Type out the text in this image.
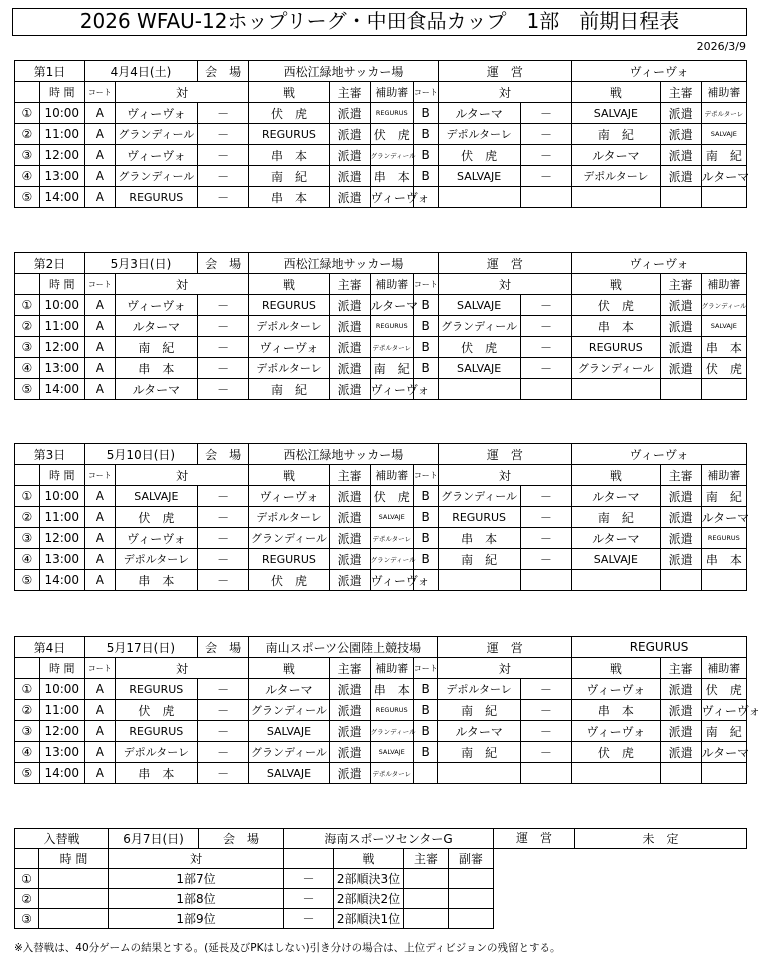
2026 WFAU-12ホップリーグ・中田食品カップ　1部　前期日程表
2026/3/9
第1日		4月4日(土)		会　場	西松江緑地サッカー場				運　営		ヴィーヴォ		
	時 間	コート	対		戦	主審	補助審	コート	対		戦	主審	補助審
①	10:00	A	ヴィーヴォ	－	伏　虎	派遣	REGURUS	B	ルターマ	－	SALVAJE	派遣	デポルターレ
②	11:00	A	グランディール	－	REGURUS	派遣	伏　虎	B	デポルターレ	－	南　紀	派遣	SALVAJE
③	12:00	A	ヴィーヴォ	－	串　本	派遣	グランディール	B	伏　虎	－	ルターマ	派遣	南　紀
④	13:00	A	グランディール	－	南　紀	派遣	串　本	B	SALVAJE	－	デポルターレ	派遣	ルターマ
⑤	14:00	A	REGURUS	－	串　本	派遣	ヴィーヴォ						
第2日		5月3日(日)		会　場	西松江緑地サッカー場				運　営		ヴィーヴォ		
	時 間	コート	対		戦	主審	補助審	コート	対		戦	主審	補助審
①	10:00	A	ヴィーヴォ	－	REGURUS	派遣	ルターマ	B	SALVAJE	－	伏　虎	派遣	グランディール
②	11:00	A	ルターマ	－	デポルターレ	派遣	REGURUS	B	グランディール	－	串　本	派遣	SALVAJE
③	12:00	A	南　紀	－	ヴィーヴォ	派遣	デポルターレ	B	伏　虎	－	REGURUS	派遣	串　本
④	13:00	A	串　本	－	デポルターレ	派遣	南　紀	B	SALVAJE	－	グランディール	派遣	伏　虎
⑤	14:00	A	ルターマ	－	南　紀	派遣	ヴィーヴォ						
第3日		5月10日(日)		会　場	西松江緑地サッカー場				運　営		ヴィーヴォ		
	時 間	コート	対		戦	主審	補助審	コート	対		戦	主審	補助審
①	10:00	A	SALVAJE	－	ヴィーヴォ	派遣	伏　虎	B	グランディール	－	ルターマ	派遣	南　紀
②	11:00	A	伏　虎	－	デポルターレ	派遣	SALVAJE	B	REGURUS	－	南　紀	派遣	ルターマ
③	12:00	A	ヴィーヴォ	－	グランディール	派遣	デポルターレ	B	串　本	－	ルターマ	派遣	REGURUS
④	13:00	A	デポルターレ	－	REGURUS	派遣	グランディール	B	南　紀	－	SALVAJE	派遣	串　本
⑤	14:00	A	串　本	－	伏　虎	派遣	ヴィーヴォ						
第4日		5月17日(日)		会　場	南山スポーツ公園陸上競技場				運　営		REGURUS		
	時 間	コート	対		戦	主審	補助審	コート	対		戦	主審	補助審
①	10:00	A	REGURUS	－	ルターマ	派遣	串　本	B	デポルターレ	－	ヴィーヴォ	派遣	伏　虎
②	11:00	A	伏　虎	－	グランディール	派遣	REGURUS	B	南　紀	－	串　本	派遣	ヴィーヴォ
③	12:00	A	REGURUS	－	SALVAJE	派遣	グランディール	B	ルターマ	－	ヴィーヴォ	派遣	南　紀
④	13:00	A	デポルターレ	－	グランディール	派遣	SALVAJE	B	南　紀	－	伏　虎	派遣	ルターマ
⑤	14:00	A	串　本	－	SALVAJE	派遣	デポルターレ						
入替戦		6月7日(日)	会　場	海南スポーツセンターG				運　営 未　定

	時 間	対			戦	主審	副審	
①		1部7位		－	2部順決3位			
②		1部8位		－	2部順決2位			
③		1部9位		－	2部順決1位			
※入替戦は、40分ゲームの結果とする。(延長及びPKはしない)引き分けの場合は、上位ディビジョンの残留とする。
